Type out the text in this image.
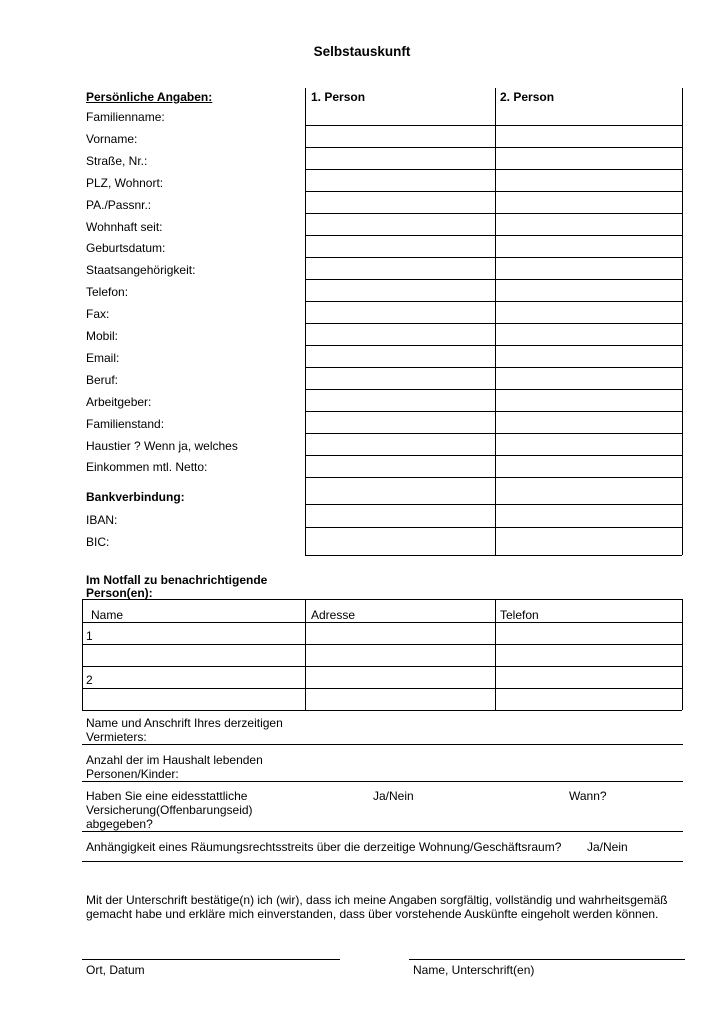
Selbstauskunft
Persönliche Angaben:	1. Person	2. Person
Familienname:
Vorname:
Straße, Nr.:
PLZ, Wohnort:
PA./Passnr.:
Wohnhaft seit:
Geburtsdatum:
Staatsangehörigkeit:
Telefon:
Fax:
Mobil:
Email:
Beruf:
Arbeitgeber:
Familienstand:
Haustier ? Wenn ja, welches
Einkommen mtl. Netto:
Bankverbindung:
IBAN:
BIC:
Im Notfall zu benachrichtigende
Person(en):
Name	Adresse	Telefon
1
2
Name und Anschrift Ihres derzeitigen
Vermieters:
Anzahl der im Haushalt lebenden
Personen/Kinder:
Haben Sie eine eidesstattliche
Versicherung(Offenbarungseid)
abgegeben?
Ja/Nein	Wann?
Anhängigkeit eines Räumungsrechtsstreits über die derzeitige Wohnung/Geschäftsraum? Ja/Nein
Mit der Unterschrift bestätige(n) ich (wir), dass ich meine Angaben sorgfältig, vollständig und wahrheitsgemäß
gemacht habe und erkläre mich einverstanden, dass über vorstehende Auskünfte eingeholt werden können.
Ort, Datum	Name, Unterschrift(en)
